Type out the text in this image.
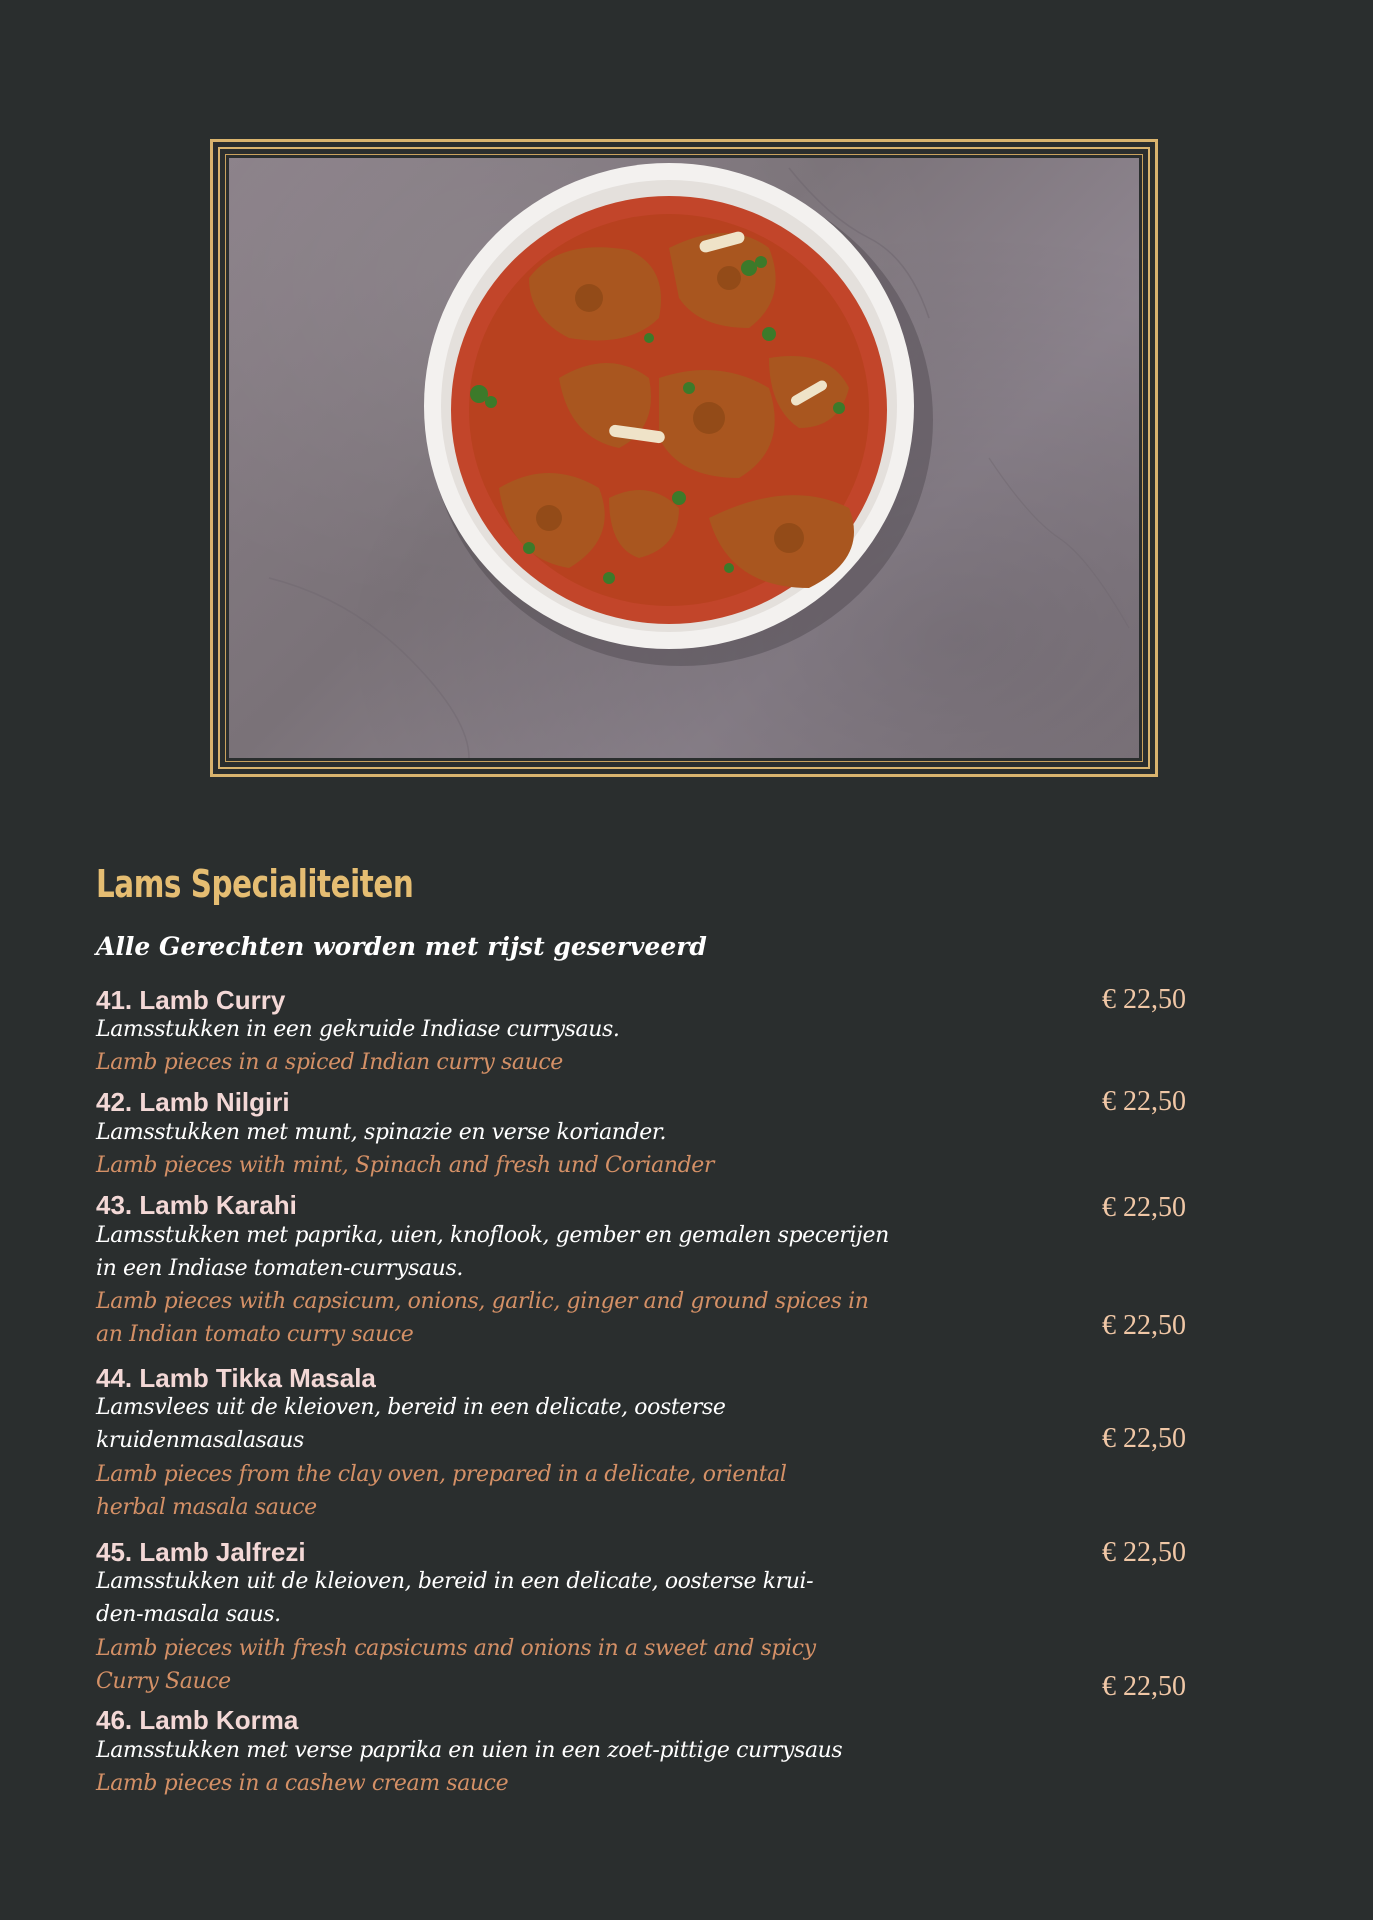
Lams Specialiteiten
Alle Gerechten worden met rijst geserveerd
41. Lamb Curry
Lamsstukken in een gekruide Indiase currysaus.
Lamb pieces in a spiced Indian curry sauce
42. Lamb Nilgiri
Lamsstukken met munt, spinazie en verse koriander.
Lamb pieces with mint, Spinach and fresh und Coriander
43. Lamb Karahi
Lamsstukken met paprika, uien, knoflook, gember en gemalen specerijen
in een Indiase tomaten-currysaus.
Lamb pieces with capsicum, onions, garlic, ginger and ground spices in
an Indian tomato curry sauce
44. Lamb Tikka Masala
Lamsvlees uit de kleioven, bereid in een delicate, oosterse
kruidenmasalasaus
Lamb pieces from the clay oven, prepared in a delicate, oriental
herbal masala sauce
45. Lamb Jalfrezi
Lamsstukken uit de kleioven, bereid in een delicate, oosterse krui-
den-masala saus.
Lamb pieces with fresh capsicums and onions in a sweet and spicy
Curry Sauce
46. Lamb Korma
Lamsstukken met verse paprika en uien in een zoet-pittige currysaus
Lamb pieces in a cashew cream sauce
€ 22,50
€ 22,50
€ 22,50
€ 22,50
€ 22,50
€ 22,50
€ 22,50
